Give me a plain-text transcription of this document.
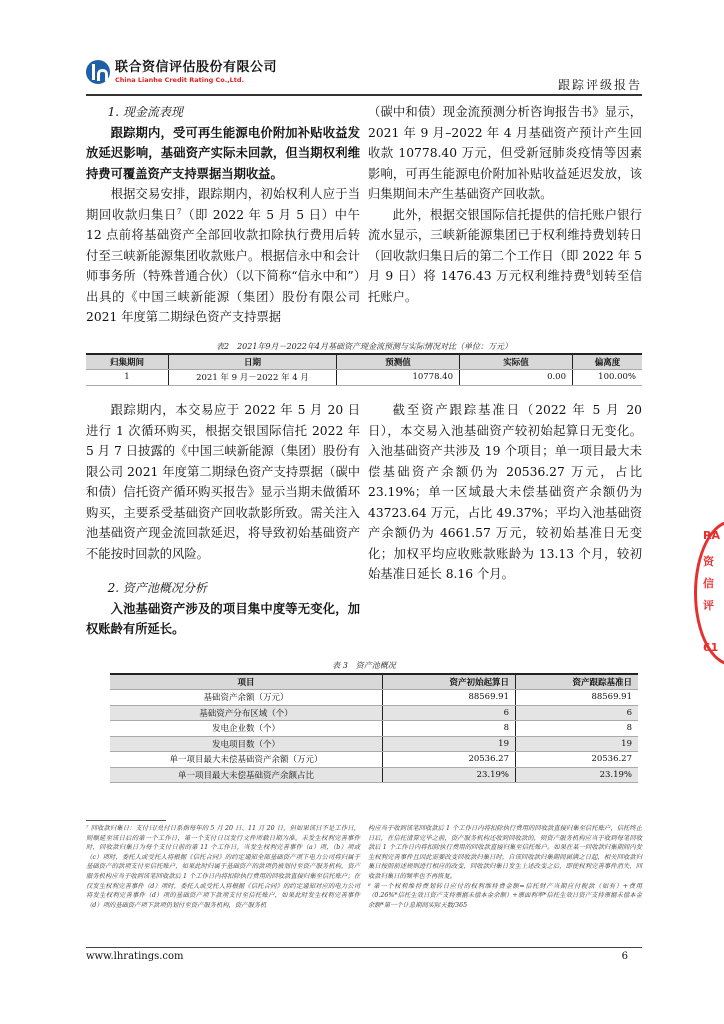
联合资信评估股份有限公司
China Lianhe Credit Rating Co.,Ltd.	跟踪评级报告

1. 现金流表现

跟踪期内，受可再生能源电价附加补贴收益发放延迟影响，基础资产实际未回款，但当期权利维持费可覆盖资产支持票据当期收益。

根据交易安排，跟踪期内，初始权利人应于当期回收款归集日$^7$（即 2022 年 5 月 5 日）中午 12 点前将基础资产全部回收款扣除执行费用后转付至三峡新能源集团收款账户。根据信永中和会计师事务所（特殊普通合伙）（以下简称“信永中和”）出具的《中国三峡新能源（集团）股份有限公司 2021 年度第二期绿色资产支持票据

（碳中和债）现金流预测分析咨询报告书》显示，2021 年 9 月–2022 年 4 月基础资产预计产生回收款 10778.40 万元，但受新冠肺炎疫情等因素影响，可再生能源电价附加补贴收益延迟发放，该归集期间未产生基础资产回收款。

此外，根据交银国际信托提供的信托账户银行流水显示，三峡新能源集团已于权利维持费划转日（回收款归集日后的第二个工作日（即 2022 年 5 月 9 日）将 1476.43 万元权利维持费$^8$划转至信托账户。

表2　2021年9月－2022年4月基础资产现金流预测与实际情况对比（单位：万元）
归集期间	日期	预测值	实际值	偏离度
1	2021 年 9 月－2022 年 4 月	10778.40	0.00	100.00%

跟踪期内，本交易应于 2022 年 5 月 20 日进行 1 次循环购买，根据交银国际信托 2022 年 5 月 7 日披露的《中国三峡新能源（集团）股份有限公司 2021 年度第二期绿色资产支持票据（碳中和债）信托资产循环购买报告》显示当期未做循环购买，主要系受基础资产回收款影所致。需关注入池基础资产现金流回款延迟，将导致初始基础资产不能按时回款的风险。

2. 资产池概况分析

入池基础资产涉及的项目集中度等无变化，加权账龄有所延长。

截至资产跟踪基准日（2022 年 5 月 20 日），本交易入池基础资产较初始起算日无变化。入池基础资产共涉及 19 个项目；单一项目最大未偿基础资产余额仍为 20536.27 万元，占比 23.19%；单一区域最大未偿基础资产余额仍为 43723.64 万元，占比 49.37%；平均入池基础资产余额仍为 4661.57 万元，较初始基准日无变化；加权平均应收账款账龄为 13.13 个月，较初始基准日延长 8.16 个月。

表 3　资产池概况
项目	资产初始起算日	资产跟踪基准日
基础资产余额（万元）	88569.91	88569.91
基础资产分布区域（个）	6	6
发电企业数（个）	8	8
发电项目数（个）	19	19
单一项目最大未偿基础资产余额（万元）	20536.27	20536.27
单一项目最大未偿基础资产余额占比	23.19%	23.19%
⁷ 回收款归集日：支付日/兑付日系指每年的 5 月 20 日、11 月 20 日，但如果该日不是工作日，则顺延至该日后的第一个工作日，第一个支付日以发行文件所载日期为准。未发生权利完善事件时，回收款归集日为每个支付日前的第 11 个工作日，当发生权利完善事件（a）项、（b）项或（c）项时，委托人或受托人将根据《信托合同》的约定通知全部基础资产项下电力公司将归属于基础资产的款项支付至信托账户，如果此时归属于基础资产的款项仍被划付至资产服务机构，资产服务机构应当于收到该笔回收款后 1 个工作日内将扣除执行费用的回收款直接归集至信托账户；在仅发生权利完善事件（d）项时，委托人或受托人将根据《信托合同》的约定通知对应的电力公司将发生权利完善事件（d）项的基础资产项下款项支付至信托账户，如果此时发生权利完善事件（d）项的基础资产项下款项仍划付至资产服务机构，资产服务机
构应当于收到该笔回收款后 1 个工作日内将扣除执行费用的回收款直接归集至信托账户，信托终止日后，在信托清算完毕之前，资产服务机构还收到回收款的，则资产服务机构应当于收到每笔回收款后 1 个工作日内将扣除执行费用的回收款直接归集至信托账户。如果在某一回收款归集期间内发生权利完善事件且因此需要改变回收款归集日时，自该回收款归集期间届满之日起，相关回收款归集日按照前述规则进行相应的改变，回收款归集日发生上述改变之后，即使权利完善事件消失，回收款归集日的频率也不再恢复。
⁸ 第一个权利维持费划转日应付的权利维持费金额=信托财产当期应付税款（如有）+费用（0.26%*信托生效日资产支持票据未偿本金余额）+票面利率*信托生效日资产支持票据未偿本金余额*第一个计息期间实际天数/365
www.lhratings.com	6
RA
资
信
评
61
